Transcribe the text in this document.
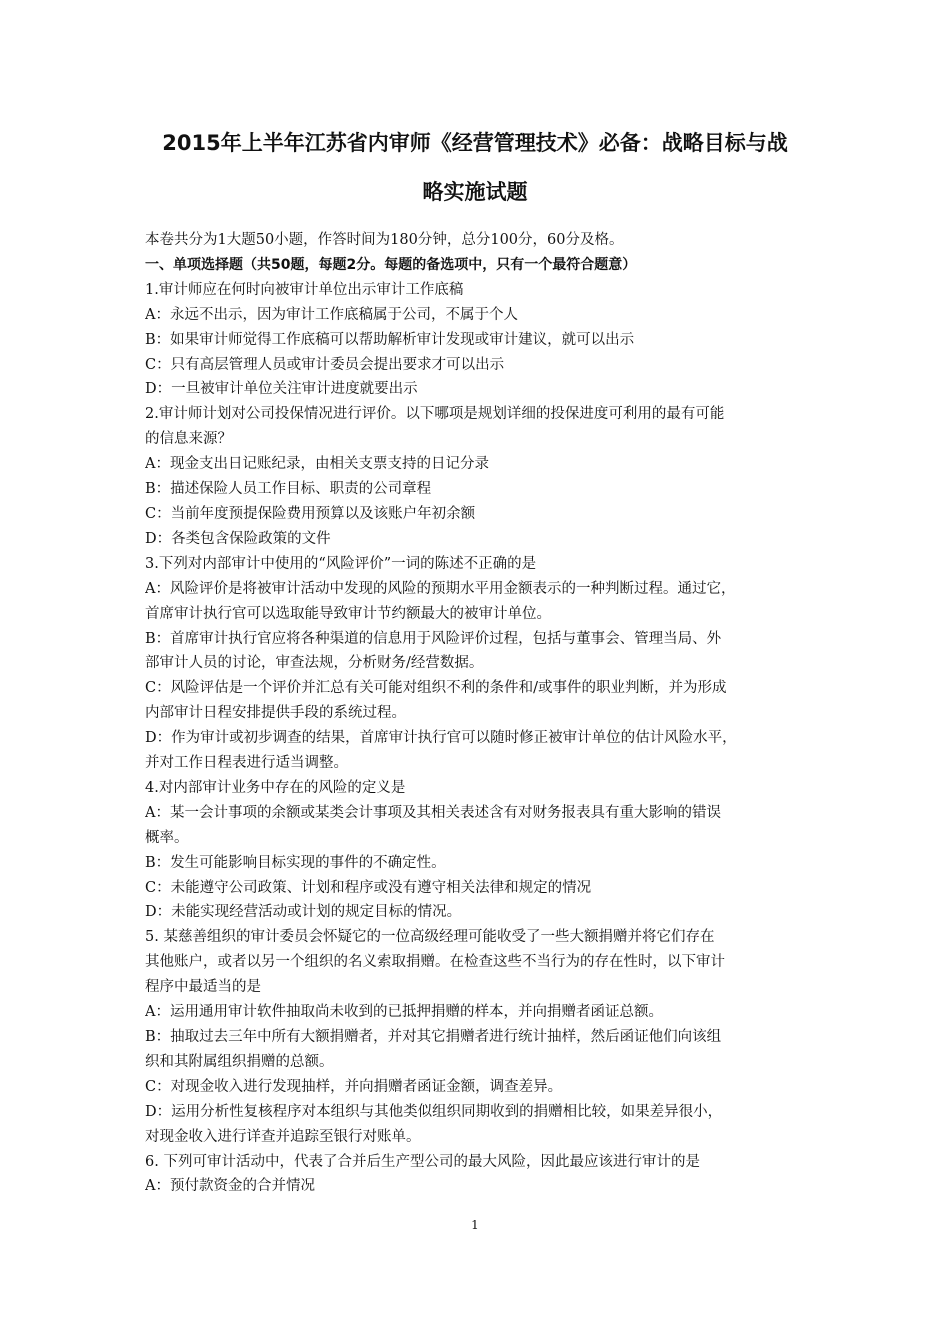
2015年上半年江苏省内审师《经营管理技术》必备：战略目标与战
略实施试题
本卷共分为1大题50小题，作答时间为180分钟，总分100分，60分及格。
一、单项选择题（共50题，每题2分。每题的备选项中，只有一个最符合题意）
1.审计师应在何时向被审计单位出示审计工作底稿
A：永远不出示，因为审计工作底稿属于公司，不属于个人
B：如果审计师觉得工作底稿可以帮助解析审计发现或审计建议，就可以出示
C：只有高层管理人员或审计委员会提出要求才可以出示
D：一旦被审计单位关注审计进度就要出示
2.审计师计划对公司投保情况进行评价。以下哪项是规划详细的投保进度可利用的最有可能
的信息来源？
A：现金支出日记账纪录，由相关支票支持的日记分录
B：描述保险人员工作目标、职责的公司章程
C：当前年度预提保险费用预算以及该账户年初余额
D：各类包含保险政策的文件
3.下列对内部审计中使用的“风险评价”一词的陈述不正确的是
A：风险评价是将被审计活动中发现的风险的预期水平用金额表示的一种判断过程。通过它，
首席审计执行官可以选取能导致审计节约额最大的被审计单位。
B：首席审计执行官应将各种渠道的信息用于风险评价过程，包括与董事会、管理当局、外
部审计人员的讨论，审查法规，分析财务/经营数据。
C：风险评估是一个评价并汇总有关可能对组织不利的条件和/或事件的职业判断，并为形成
内部审计日程安排提供手段的系统过程。
D：作为审计或初步调查的结果，首席审计执行官可以随时修正被审计单位的估计风险水平，
并对工作日程表进行适当调整。
4.对内部审计业务中存在的风险的定义是
A：某一会计事项的余额或某类会计事项及其相关表述含有对财务报表具有重大影响的错误
概率。
B：发生可能影响目标实现的事件的不确定性。
C：未能遵守公司政策、计划和程序或没有遵守相关法律和规定的情况
D：未能实现经营活动或计划的规定目标的情况。
5. 某慈善组织的审计委员会怀疑它的一位高级经理可能收受了一些大额捐赠并将它们存在
其他账户，或者以另一个组织的名义索取捐赠。在检查这些不当行为的存在性时，以下审计
程序中最适当的是
A：运用通用审计软件抽取尚未收到的已抵押捐赠的样本，并向捐赠者函证总额。
B：抽取过去三年中所有大额捐赠者，并对其它捐赠者进行统计抽样，然后函证他们向该组
织和其附属组织捐赠的总额。
C：对现金收入进行发现抽样，并向捐赠者函证金额，调查差异。
D：运用分析性复核程序对本组织与其他类似组织同期收到的捐赠相比较，如果差异很小，
对现金收入进行详查并追踪至银行对账单。
6. 下列可审计活动中，代表了合并后生产型公司的最大风险，因此最应该进行审计的是
A：预付款资金的合并情况
1
